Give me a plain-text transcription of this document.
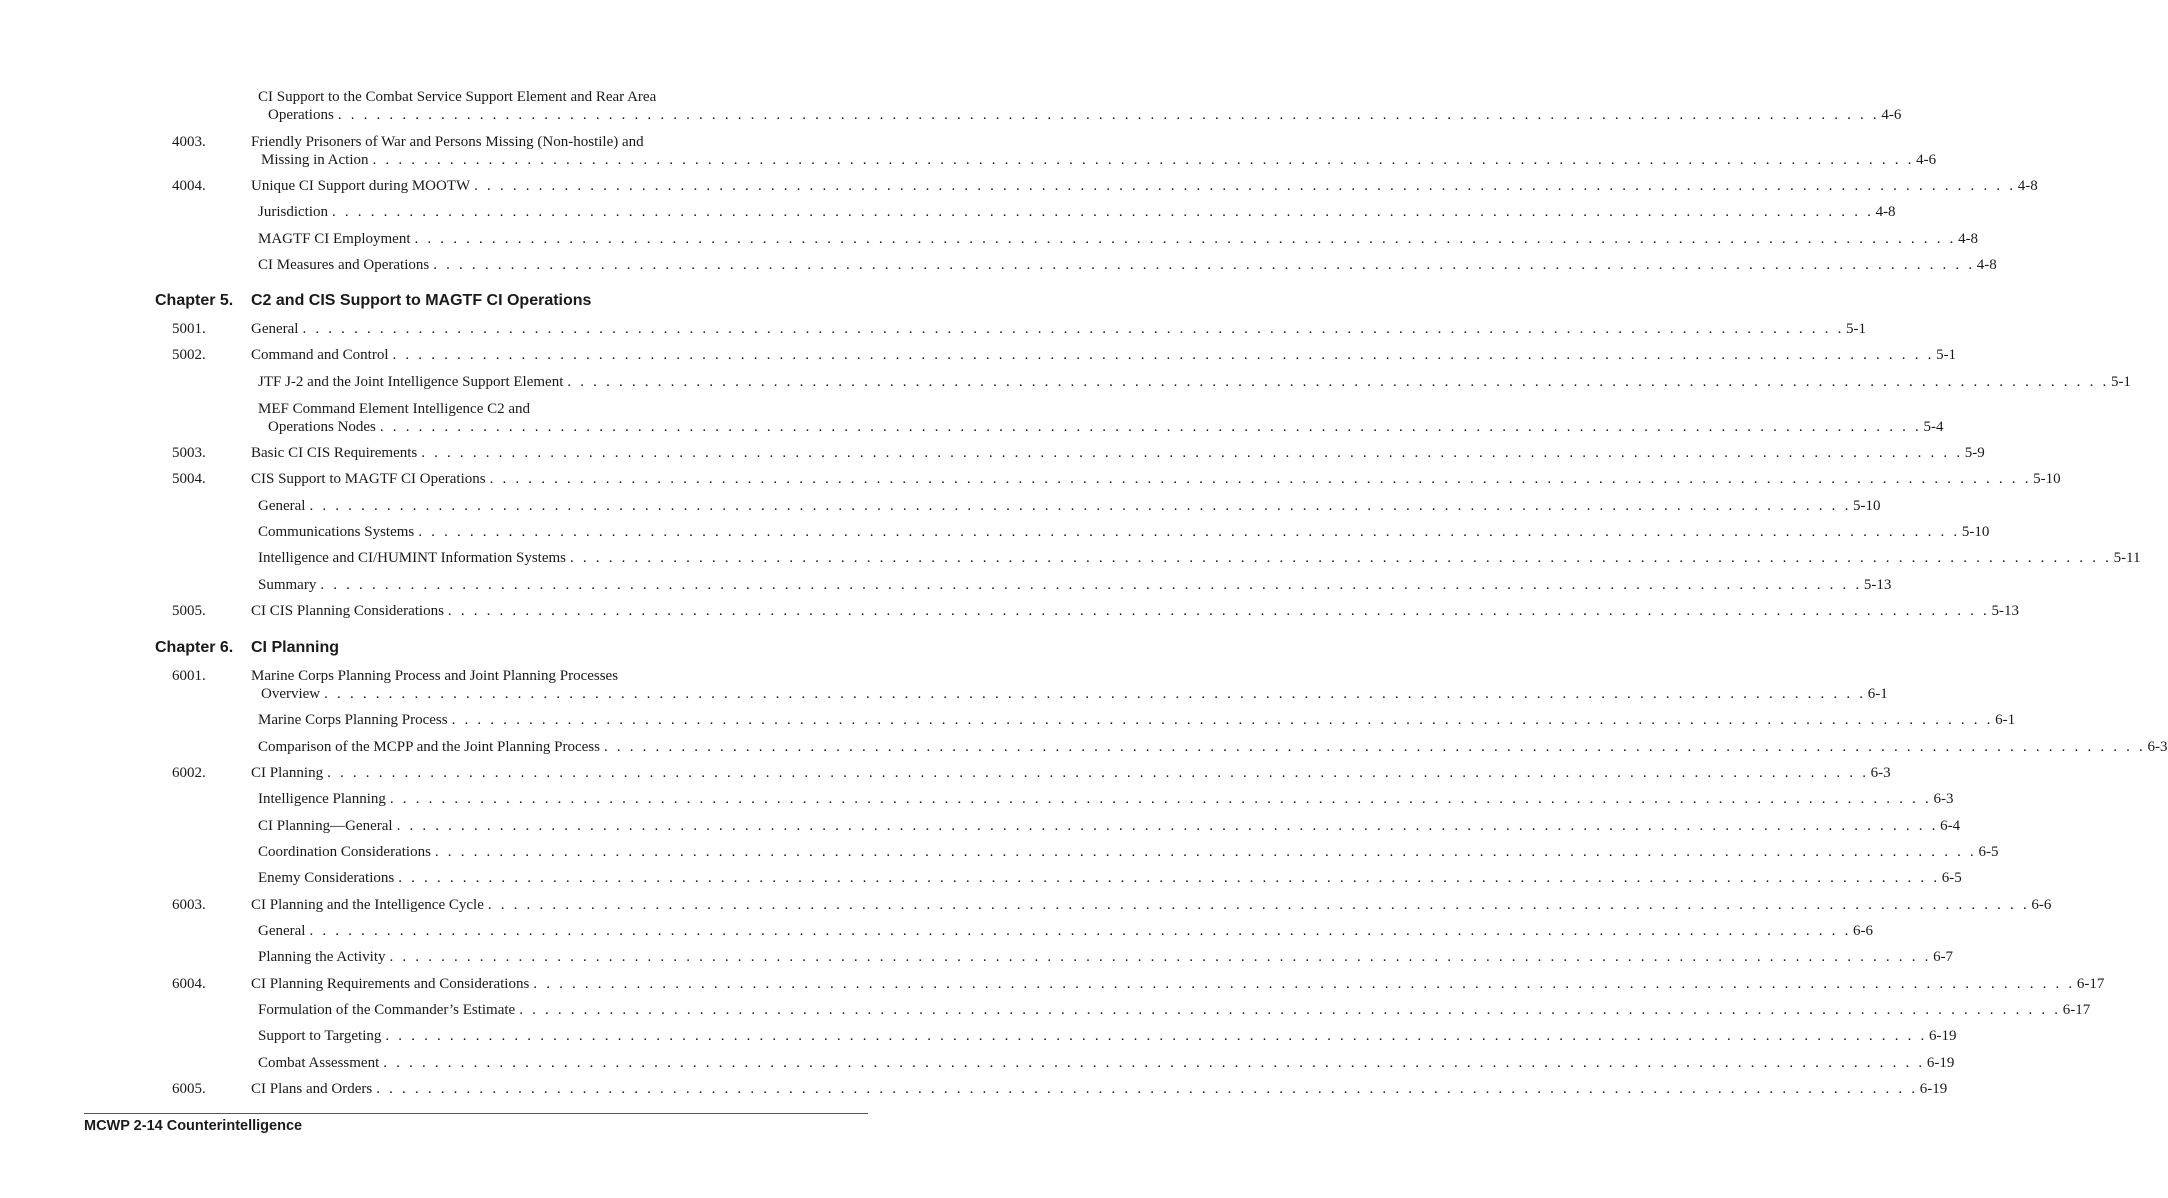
CI Support to the Combat Service Support Element and Rear Area
Operations . . . . . . . . . . . . . . . . . . . . . . . . . . . . . . . . . . . . . . . . . . . . . . . . . . . . . . . . . . . . . . . . . . . . . . . . . . . . . . . . . . . . . . . . . . . . . . . . . . . . . . . . . . . . . . . . . . . . . . . . 4-6
4003.	Friendly Prisoners of War and Persons Missing (Non-hostile) and
Missing in Action . . . . . . . . . . . . . . . . . . . . . . . . . . . . . . . . . . . . . . . . . . . . . . . . . . . . . . . . . . . . . . . . . . . . . . . . . . . . . . . . . . . . . . . . . . . . . . . . . . . . . . . . . . . . . . . . . . . . . . . . 4-6
4004.	Unique CI Support during MOOTW . . . . . . . . . . . . . . . . . . . . . . . . . . . . . . . . . . . . . . . . . . . . . . . . . . . . . . . . . . . . . . . . . . . . . . . . . . . . . . . . . . . . . . . . . . . . . . . . . . . . . . . . . . . . . . . . . . . . . . . . 4-8
Jurisdiction . . . . . . . . . . . . . . . . . . . . . . . . . . . . . . . . . . . . . . . . . . . . . . . . . . . . . . . . . . . . . . . . . . . . . . . . . . . . . . . . . . . . . . . . . . . . . . . . . . . . . . . . . . . . . . . . . . . . . . . . 4-8
MAGTF CI Employment . . . . . . . . . . . . . . . . . . . . . . . . . . . . . . . . . . . . . . . . . . . . . . . . . . . . . . . . . . . . . . . . . . . . . . . . . . . . . . . . . . . . . . . . . . . . . . . . . . . . . . . . . . . . . . . . . . . . . . . . 4-8
CI Measures and Operations . . . . . . . . . . . . . . . . . . . . . . . . . . . . . . . . . . . . . . . . . . . . . . . . . . . . . . . . . . . . . . . . . . . . . . . . . . . . . . . . . . . . . . . . . . . . . . . . . . . . . . . . . . . . . . . . . . . . . . . . 4-8
Chapter 5. C2 and CIS Support to MAGTF CI Operations
5001.	General . . . . . . . . . . . . . . . . . . . . . . . . . . . . . . . . . . . . . . . . . . . . . . . . . . . . . . . . . . . . . . . . . . . . . . . . . . . . . . . . . . . . . . . . . . . . . . . . . . . . . . . . . . . . . . . . . . . . . . . . 5-1
5002.	Command and Control . . . . . . . . . . . . . . . . . . . . . . . . . . . . . . . . . . . . . . . . . . . . . . . . . . . . . . . . . . . . . . . . . . . . . . . . . . . . . . . . . . . . . . . . . . . . . . . . . . . . . . . . . . . . . . . . . . . . . . . . 5-1
JTF J-2 and the Joint Intelligence Support Element . . . . . . . . . . . . . . . . . . . . . . . . . . . . . . . . . . . . . . . . . . . . . . . . . . . . . . . . . . . . . . . . . . . . . . . . . . . . . . . . . . . . . . . . . . . . . . . . . . . . . . . . . . . . . . . . . . . . . . . . 5-1
MEF Command Element Intelligence C2 and
Operations Nodes . . . . . . . . . . . . . . . . . . . . . . . . . . . . . . . . . . . . . . . . . . . . . . . . . . . . . . . . . . . . . . . . . . . . . . . . . . . . . . . . . . . . . . . . . . . . . . . . . . . . . . . . . . . . . . . . . . . . . . . . 5-4
5003.	Basic CI CIS Requirements . . . . . . . . . . . . . . . . . . . . . . . . . . . . . . . . . . . . . . . . . . . . . . . . . . . . . . . . . . . . . . . . . . . . . . . . . . . . . . . . . . . . . . . . . . . . . . . . . . . . . . . . . . . . . . . . . . . . . . . . 5-9
5004.	CIS Support to MAGTF CI Operations . . . . . . . . . . . . . . . . . . . . . . . . . . . . . . . . . . . . . . . . . . . . . . . . . . . . . . . . . . . . . . . . . . . . . . . . . . . . . . . . . . . . . . . . . . . . . . . . . . . . . . . . . . . . . . . . . . . . . . . . 5-10
General . . . . . . . . . . . . . . . . . . . . . . . . . . . . . . . . . . . . . . . . . . . . . . . . . . . . . . . . . . . . . . . . . . . . . . . . . . . . . . . . . . . . . . . . . . . . . . . . . . . . . . . . . . . . . . . . . . . . . . . . 5-10
Communications Systems . . . . . . . . . . . . . . . . . . . . . . . . . . . . . . . . . . . . . . . . . . . . . . . . . . . . . . . . . . . . . . . . . . . . . . . . . . . . . . . . . . . . . . . . . . . . . . . . . . . . . . . . . . . . . . . . . . . . . . . . 5-10
Intelligence and CI/HUMINT Information Systems . . . . . . . . . . . . . . . . . . . . . . . . . . . . . . . . . . . . . . . . . . . . . . . . . . . . . . . . . . . . . . . . . . . . . . . . . . . . . . . . . . . . . . . . . . . . . . . . . . . . . . . . . . . . . . . . . . . . . . . . 5-11
Summary . . . . . . . . . . . . . . . . . . . . . . . . . . . . . . . . . . . . . . . . . . . . . . . . . . . . . . . . . . . . . . . . . . . . . . . . . . . . . . . . . . . . . . . . . . . . . . . . . . . . . . . . . . . . . . . . . . . . . . . . 5-13
5005.	CI CIS Planning Considerations . . . . . . . . . . . . . . . . . . . . . . . . . . . . . . . . . . . . . . . . . . . . . . . . . . . . . . . . . . . . . . . . . . . . . . . . . . . . . . . . . . . . . . . . . . . . . . . . . . . . . . . . . . . . . . . . . . . . . . . . 5-13
Chapter 6. CI Planning
6001.	Marine Corps Planning Process and Joint Planning Processes
Overview . . . . . . . . . . . . . . . . . . . . . . . . . . . . . . . . . . . . . . . . . . . . . . . . . . . . . . . . . . . . . . . . . . . . . . . . . . . . . . . . . . . . . . . . . . . . . . . . . . . . . . . . . . . . . . . . . . . . . . . . 6-1
Marine Corps Planning Process . . . . . . . . . . . . . . . . . . . . . . . . . . . . . . . . . . . . . . . . . . . . . . . . . . . . . . . . . . . . . . . . . . . . . . . . . . . . . . . . . . . . . . . . . . . . . . . . . . . . . . . . . . . . . . . . . . . . . . . . 6-1
Comparison of the MCPP and the Joint Planning Process . . . . . . . . . . . . . . . . . . . . . . . . . . . . . . . . . . . . . . . . . . . . . . . . . . . . . . . . . . . . . . . . . . . . . . . . . . . . . . . . . . . . . . . . . . . . . . . . . . . . . . . . . . . . . . . . . . . . . . . . 6-3
6002.	CI Planning . . . . . . . . . . . . . . . . . . . . . . . . . . . . . . . . . . . . . . . . . . . . . . . . . . . . . . . . . . . . . . . . . . . . . . . . . . . . . . . . . . . . . . . . . . . . . . . . . . . . . . . . . . . . . . . . . . . . . . . . 6-3
Intelligence Planning . . . . . . . . . . . . . . . . . . . . . . . . . . . . . . . . . . . . . . . . . . . . . . . . . . . . . . . . . . . . . . . . . . . . . . . . . . . . . . . . . . . . . . . . . . . . . . . . . . . . . . . . . . . . . . . . . . . . . . . . 6-3
CI Planning—General . . . . . . . . . . . . . . . . . . . . . . . . . . . . . . . . . . . . . . . . . . . . . . . . . . . . . . . . . . . . . . . . . . . . . . . . . . . . . . . . . . . . . . . . . . . . . . . . . . . . . . . . . . . . . . . . . . . . . . . . 6-4
Coordination Considerations . . . . . . . . . . . . . . . . . . . . . . . . . . . . . . . . . . . . . . . . . . . . . . . . . . . . . . . . . . . . . . . . . . . . . . . . . . . . . . . . . . . . . . . . . . . . . . . . . . . . . . . . . . . . . . . . . . . . . . . . 6-5
Enemy Considerations . . . . . . . . . . . . . . . . . . . . . . . . . . . . . . . . . . . . . . . . . . . . . . . . . . . . . . . . . . . . . . . . . . . . . . . . . . . . . . . . . . . . . . . . . . . . . . . . . . . . . . . . . . . . . . . . . . . . . . . . 6-5
6003.	CI Planning and the Intelligence Cycle . . . . . . . . . . . . . . . . . . . . . . . . . . . . . . . . . . . . . . . . . . . . . . . . . . . . . . . . . . . . . . . . . . . . . . . . . . . . . . . . . . . . . . . . . . . . . . . . . . . . . . . . . . . . . . . . . . . . . . . . 6-6
General . . . . . . . . . . . . . . . . . . . . . . . . . . . . . . . . . . . . . . . . . . . . . . . . . . . . . . . . . . . . . . . . . . . . . . . . . . . . . . . . . . . . . . . . . . . . . . . . . . . . . . . . . . . . . . . . . . . . . . . . 6-6
Planning the Activity . . . . . . . . . . . . . . . . . . . . . . . . . . . . . . . . . . . . . . . . . . . . . . . . . . . . . . . . . . . . . . . . . . . . . . . . . . . . . . . . . . . . . . . . . . . . . . . . . . . . . . . . . . . . . . . . . . . . . . . . 6-7
6004.	CI Planning Requirements and Considerations . . . . . . . . . . . . . . . . . . . . . . . . . . . . . . . . . . . . . . . . . . . . . . . . . . . . . . . . . . . . . . . . . . . . . . . . . . . . . . . . . . . . . . . . . . . . . . . . . . . . . . . . . . . . . . . . . . . . . . . . 6-17
Formulation of the Commander’s Estimate . . . . . . . . . . . . . . . . . . . . . . . . . . . . . . . . . . . . . . . . . . . . . . . . . . . . . . . . . . . . . . . . . . . . . . . . . . . . . . . . . . . . . . . . . . . . . . . . . . . . . . . . . . . . . . . . . . . . . . . . 6-17
Support to Targeting . . . . . . . . . . . . . . . . . . . . . . . . . . . . . . . . . . . . . . . . . . . . . . . . . . . . . . . . . . . . . . . . . . . . . . . . . . . . . . . . . . . . . . . . . . . . . . . . . . . . . . . . . . . . . . . . . . . . . . . . 6-19
Combat Assessment . . . . . . . . . . . . . . . . . . . . . . . . . . . . . . . . . . . . . . . . . . . . . . . . . . . . . . . . . . . . . . . . . . . . . . . . . . . . . . . . . . . . . . . . . . . . . . . . . . . . . . . . . . . . . . . . . . . . . . . . 6-19
6005.	CI Plans and Orders . . . . . . . . . . . . . . . . . . . . . . . . . . . . . . . . . . . . . . . . . . . . . . . . . . . . . . . . . . . . . . . . . . . . . . . . . . . . . . . . . . . . . . . . . . . . . . . . . . . . . . . . . . . . . . . . . . . . . . . . 6-19
MCWP 2-14 Counterintelligence
